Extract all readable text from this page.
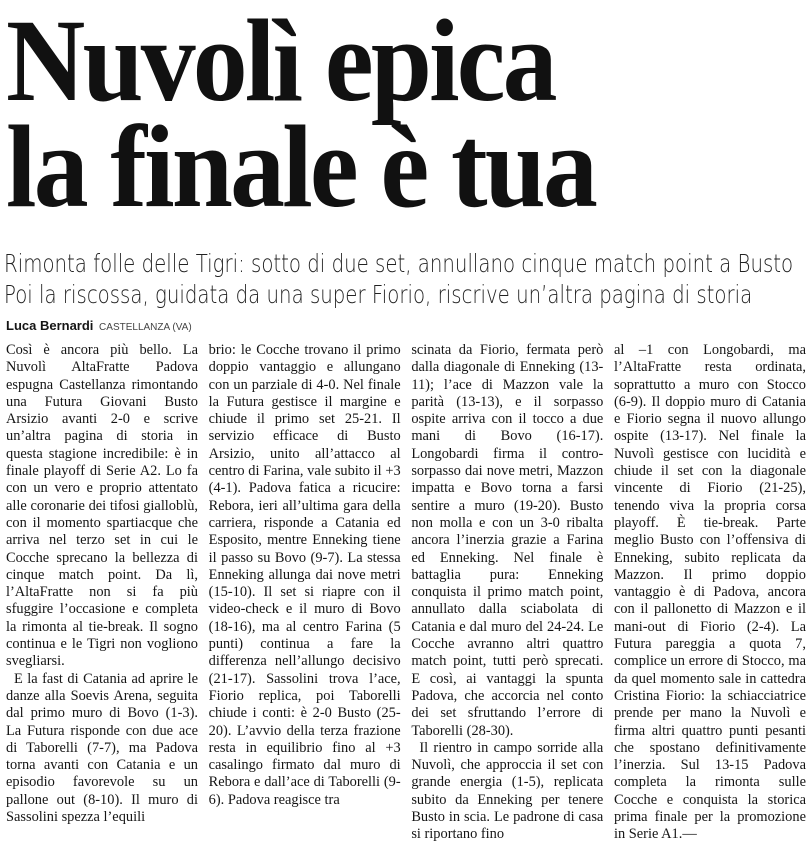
Nuvolì epica
la finale è tua
Rimonta folle delle Tigri: sotto di due set, annullano cinque match point a Busto
Poi la riscossa, guidata da una super Fiorio, riscrive un’altra pagina di storia
Luca Bernardi CASTELLANZA (VA)

Così è ancora più bello. La Nuvolì AltaFratte Padova espugna Castellanza rimontando una Futura Giovani Busto Arsizio avanti 2-0 e scrive un’altra pagina di storia in questa stagione incredibile: è in finale playoff di Serie A2. Lo fa con un vero e proprio attentato alle coronarie dei tifosi gialloblù, con il momento spartiacque che arriva nel terzo set in cui le Cocche sprecano la bellezza di cinque match point. Da lì, l’AltaFratte non si fa più sfuggire l’occasione e completa la rimonta al tie-break. Il sogno continua e le Tigri non vogliono svegliarsi.

E la fast di Catania ad aprire le danze alla Soevis Arena, seguita dal primo muro di Bovo (1-3). La Futura risponde con due ace di Taborelli (7-7), ma Padova torna avanti con Catania e un episodio favorevole su un pallone out (8-10). Il muro di Sassolini spezza l’equili

brio: le Cocche trovano il primo doppio vantaggio e allungano con un parziale di 4-0. Nel finale la Futura gestisce il margine e chiude il primo set 25-21. Il servizio efficace di Busto Arsizio, unito all’attacco al centro di Farina, vale subito il +3 (4-1). Padova fatica a ricucire: Rebora, ieri all’ultima gara della carriera, risponde a Catania ed Esposito, mentre Enneking tiene il passo su Bovo (9-7). La stessa Enneking allunga dai nove metri (15-10). Il set si riapre con il video-check e il muro di Bovo (18-16), ma al centro Farina (5 punti) continua a fare la differenza nell’allungo decisivo (21-17). Sassolini trova l’ace, Fiorio replica, poi Taborelli chiude i conti: è 2-0 Busto (25-20). L’avvio della terza frazione resta in equilibrio fino al +3 casalingo firmato dal muro di Rebora e dall’ace di Taborelli (9-6). Padova reagisce tra

scinata da Fiorio, fermata però dalla diagonale di Enneking (13-11); l’ace di Mazzon vale la parità (13-13), e il sorpasso ospite arriva con il tocco a due mani di Bovo (16-17). Longobardi firma il contro-sorpasso dai nove metri, Mazzon impatta e Bovo torna a farsi sentire a muro (19-20). Busto non molla e con un 3-0 ribalta ancora l’inerzia grazie a Farina ed Enneking. Nel finale è battaglia pura: Enneking conquista il primo match point, annullato dalla sciabolata di Catania e dal muro del 24-24. Le Cocche avranno altri quattro match point, tutti però sprecati. E così, ai vantaggi la spunta Padova, che accorcia nel conto dei set sfruttando l’errore di Taborelli (28-30).

Il rientro in campo sorride alla Nuvolì, che approccia il set con grande energia (1-5), replicata subito da Enneking per tenere Busto in scia. Le padrone di casa si riportano fino

al –1 con Longobardi, ma l’AltaFratte resta ordinata, soprattutto a muro con Stocco (6-9). Il doppio muro di Catania e Fiorio segna il nuovo allungo ospite (13-17). Nel finale la Nuvolì gestisce con lucidità e chiude il set con la diagonale vincente di Fiorio (21-25), tenendo viva la propria corsa playoff. È tie-break. Parte meglio Busto con l’offensiva di Enneking, subito replicata da Mazzon. Il primo doppio vantaggio è di Padova, ancora con il pallonetto di Mazzon e il mani-out di Fiorio (2-4). La Futura pareggia a quota 7, complice un errore di Stocco, ma da quel momento sale in cattedra Cristina Fiorio: la schiacciatrice prende per mano la Nuvolì e firma altri quattro punti pesanti che spostano definitivamente l’inerzia. Sul 13-15 Padova completa la rimonta sulle Cocche e conquista la storica prima finale per la promozione in Serie A1.—
